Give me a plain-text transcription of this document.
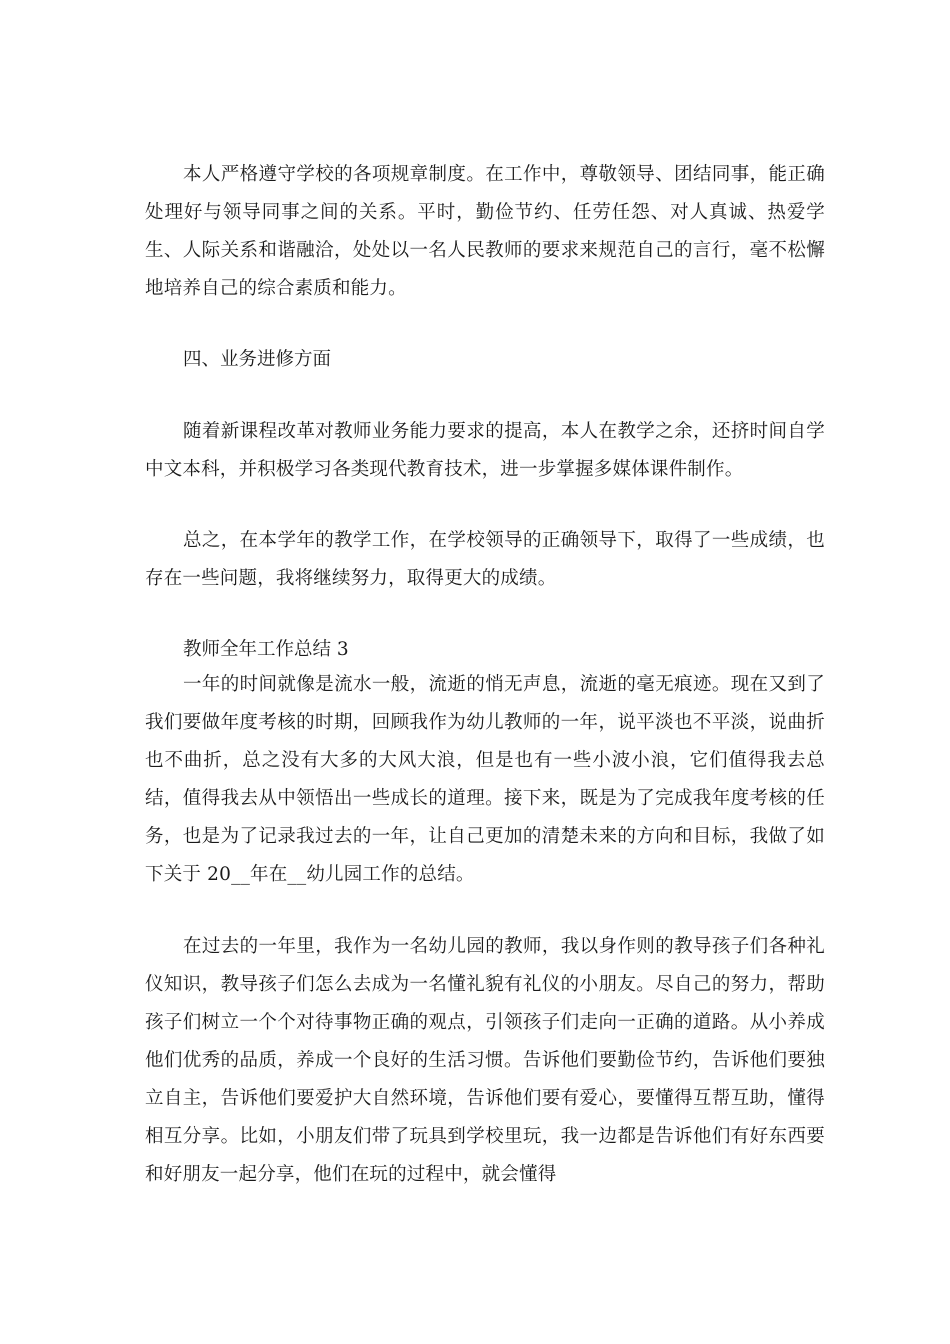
本人严格遵守学校的各项规章制度。在工作中，尊敬领导、团结同事，能正确处理好与领导同事之间的关系。平时，勤俭节约、任劳任怨、对人真诚、热爱学生、人际关系和谐融洽，处处以一名人民教师的要求来规范自己的言行，毫不松懈地培养自己的综合素质和能力。

四、业务进修方面

随着新课程改革对教师业务能力要求的提高，本人在教学之余，还挤时间自学中文本科，并积极学习各类现代教育技术，进一步掌握多媒体课件制作。

总之，在本学年的教学工作，在学校领导的正确领导下，取得了一些成绩，也存在一些问题，我将继续努力，取得更大的成绩。

教师全年工作总结 3

一年的时间就像是流水一般，流逝的悄无声息，流逝的毫无痕迹。现在又到了我们要做年度考核的时期，回顾我作为幼儿教师的一年，说平淡也不平淡，说曲折也不曲折，总之没有大多的大风大浪，但是也有一些小波小浪，它们值得我去总结，值得我去从中领悟出一些成长的道理。接下来，既是为了完成我年度考核的任务，也是为了记录我过去的一年，让自己更加的清楚未来的方向和目标，我做了如下关于 20__年在__幼儿园工作的总结。

在过去的一年里，我作为一名幼儿园的教师，我以身作则的教导孩子们各种礼仪知识，教导孩子们怎么去成为一名懂礼貌有礼仪的小朋友。尽自己的努力，帮助孩子们树立一个个对待事物正确的观点，引领孩子们走向一正确的道路。从小养成他们优秀的品质，养成一个良好的生活习惯。告诉他们要勤俭节约，告诉他们要独立自主，告诉他们要爱护大自然环境，告诉他们要有爱心，要懂得互帮互助，懂得相互分享。比如，小朋友们带了玩具到学校里玩，我一边都是告诉他们有好东西要和好朋友一起分享，他们在玩的过程中，就会懂得
